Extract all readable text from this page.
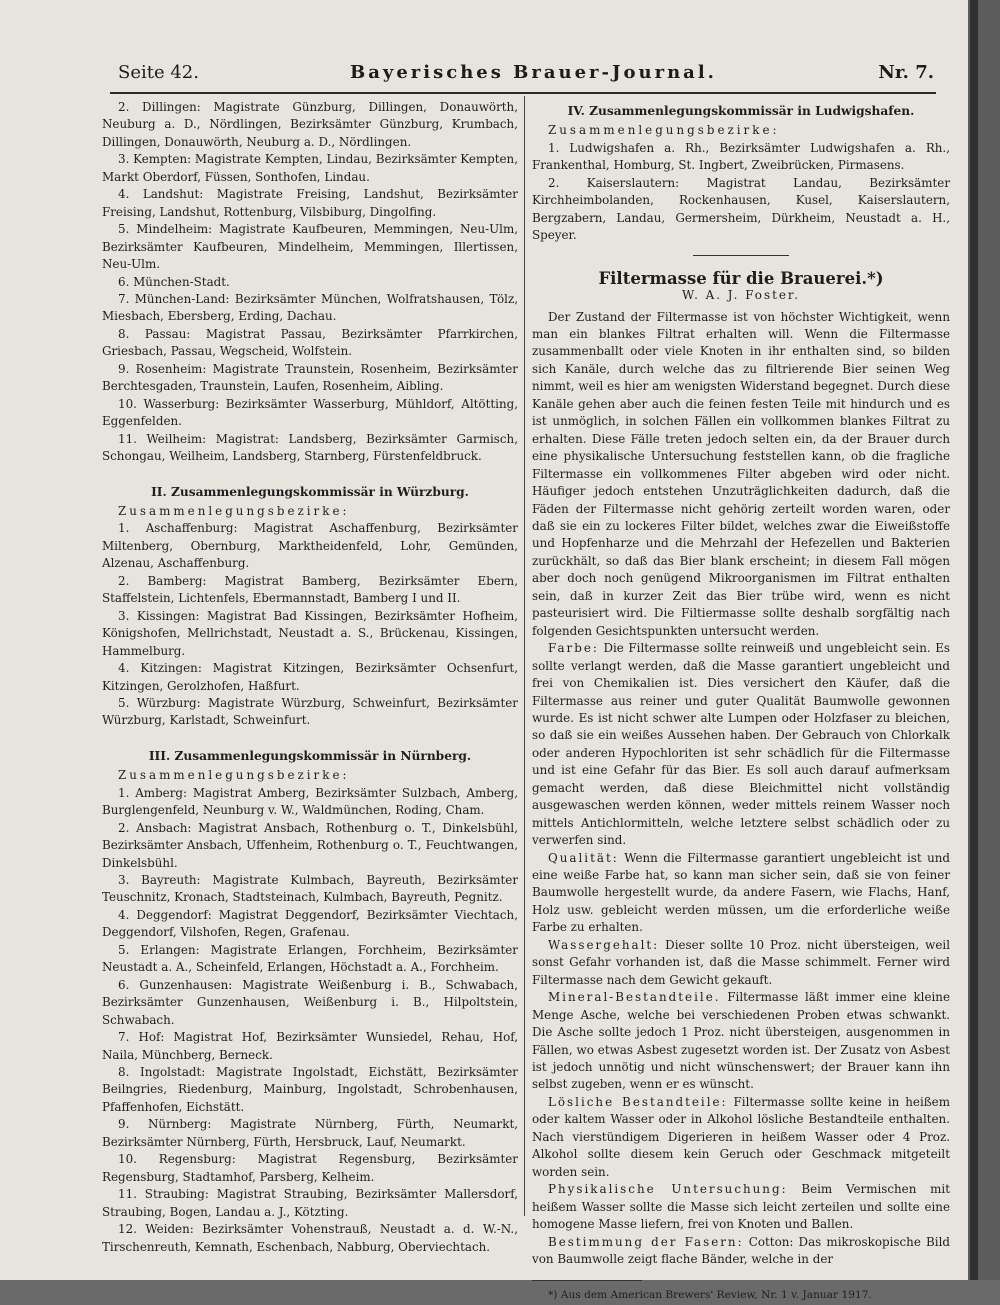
Seite 42.	Bayerisches Brauer-Journal.	Nr. 7.
2. Dillingen: Magistrate Günzburg, Dillingen, Donauwörth, Neuburg a. D., Nördlingen, Bezirksämter Günzburg, Krumbach, Dillingen, Donauwörth, Neuburg a. D., Nördlingen.
3. Kempten: Magistrate Kempten, Lindau, Bezirksämter Kempten, Markt Oberdorf, Füssen, Sonthofen, Lindau.
4. Landshut: Magistrate Freising, Landshut, Bezirksämter Freising, Landshut, Rottenburg, Vilsbiburg, Dingolfing.
5. Mindelheim: Magistrate Kaufbeuren, Memmingen, Neu-Ulm, Bezirksämter Kaufbeuren, Mindelheim, Memmingen, Illertissen, Neu-Ulm.
6. München-Stadt.
7. München-Land: Bezirksämter München, Wolfratshausen, Tölz, Miesbach, Ebersberg, Erding, Dachau.
8. Passau: Magistrat Passau, Bezirksämter Pfarrkirchen, Griesbach, Passau, Wegscheid, Wolfstein.
9. Rosenheim: Magistrate Traunstein, Rosenheim, Bezirksämter Berchtesgaden, Traunstein, Laufen, Rosenheim, Aibling.
10. Wasserburg: Bezirksämter Wasserburg, Mühldorf, Altötting, Eggenfelden.
11. Weilheim: Magistrat: Landsberg, Bezirksämter Garmisch, Schongau, Weilheim, Landsberg, Starnberg, Fürstenfeldbruck.
II. Zusammenlegungskommissär in Würzburg.
Zusammenlegungsbezirke:
1. Aschaffenburg: Magistrat Aschaffenburg, Bezirksämter Miltenberg, Obernburg, Marktheidenfeld, Lohr, Gemünden, Alzenau, Aschaffenburg.
2. Bamberg: Magistrat Bamberg, Bezirksämter Ebern, Staffelstein, Lichtenfels, Ebermannstadt, Bamberg I und II.
3. Kissingen: Magistrat Bad Kissingen, Bezirksämter Hofheim, Königshofen, Mellrichstadt, Neustadt a. S., Brückenau, Kissingen, Hammelburg.
4. Kitzingen: Magistrat Kitzingen, Bezirksämter Ochsenfurt, Kitzingen, Gerolzhofen, Haßfurt.
5. Würzburg: Magistrate Würzburg, Schweinfurt, Bezirksämter Würzburg, Karlstadt, Schweinfurt.
III. Zusammenlegungskommissär in Nürnberg.
Zusammenlegungsbezirke:
1. Amberg: Magistrat Amberg, Bezirksämter Sulzbach, Amberg, Burglengenfeld, Neunburg v. W., Waldmünchen, Roding, Cham.
2. Ansbach: Magistrat Ansbach, Rothenburg o. T., Dinkelsbühl, Bezirksämter Ansbach, Uffenheim, Rothenburg o. T., Feuchtwangen, Dinkelsbühl.
3. Bayreuth: Magistrate Kulmbach, Bayreuth, Bezirksämter Teuschnitz, Kronach, Stadtsteinach, Kulmbach, Bayreuth, Pegnitz.
4. Deggendorf: Magistrat Deggendorf, Bezirksämter Viechtach, Deggendorf, Vilshofen, Regen, Grafenau.
5. Erlangen: Magistrate Erlangen, Forchheim, Bezirksämter Neustadt a. A., Scheinfeld, Erlangen, Höchstadt a. A., Forchheim.
6. Gunzenhausen: Magistrate Weißenburg i. B., Schwabach, Bezirksämter Gunzenhausen, Weißenburg i. B., Hilpoltstein, Schwabach.
7. Hof: Magistrat Hof, Bezirksämter Wunsiedel, Rehau, Hof, Naila, Münchberg, Berneck.
8. Ingolstadt: Magistrate Ingolstadt, Eichstätt, Bezirksämter Beilngries, Riedenburg, Mainburg, Ingolstadt, Schrobenhausen, Pfaffenhofen, Eichstätt.
9. Nürnberg: Magistrate Nürnberg, Fürth, Neumarkt, Bezirksämter Nürnberg, Fürth, Hersbruck, Lauf, Neumarkt.
10. Regensburg: Magistrat Regensburg, Bezirksämter Regensburg, Stadtamhof, Parsberg, Kelheim.
11. Straubing: Magistrat Straubing, Bezirksämter Mallersdorf, Straubing, Bogen, Landau a. J., Kötzting.
12. Weiden: Bezirksämter Vohenstrauß, Neustadt a. d. W.-N., Tirschenreuth, Kemnath, Eschenbach, Nabburg, Oberviechtach.
IV. Zusammenlegungskommissär in Ludwigshafen.
Zusammenlegungsbezirke:
1. Ludwigshafen a. Rh., Bezirksämter Ludwigshafen a. Rh., Frankenthal, Homburg, St. Ingbert, Zweibrücken, Pirmasens.
2. Kaiserslautern: Magistrat Landau, Bezirksämter Kirchheimbolanden, Rockenhausen, Kusel, Kaiserslautern, Bergzabern, Landau, Germersheim, Dürkheim, Neustadt a. H., Speyer.
Filtermasse für die Brauerei.*)
W. A. J. Foster.
Der Zustand der Filtermasse ist von höchster Wichtigkeit, wenn man ein blankes Filtrat erhalten will. Wenn die Filtermasse zusammenballt oder viele Knoten in ihr enthalten sind, so bilden sich Kanäle, durch welche das zu filtrierende Bier seinen Weg nimmt, weil es hier am wenigsten Widerstand begegnet. Durch diese Kanäle gehen aber auch die feinen festen Teile mit hindurch und es ist unmöglich, in solchen Fällen ein vollkommen blankes Filtrat zu erhalten. Diese Fälle treten jedoch selten ein, da der Brauer durch eine physikalische Untersuchung feststellen kann, ob die fragliche Filtermasse ein vollkommenes Filter abgeben wird oder nicht. Häufiger jedoch entstehen Unzuträglichkeiten dadurch, daß die Fäden der Filtermasse nicht gehörig zerteilt worden waren, oder daß sie ein zu lockeres Filter bildet, welches zwar die Eiweißstoffe und Hopfenharze und die Mehrzahl der Hefezellen und Bakterien zurückhält, so daß das Bier blank erscheint; in diesem Fall mögen aber doch noch genügend Mikroorganismen im Filtrat enthalten sein, daß in kurzer Zeit das Bier trübe wird, wenn es nicht pasteurisiert wird. Die Filtiermasse sollte deshalb sorgfältig nach folgenden Gesichtspunkten untersucht werden.
Farbe: Die Filtermasse sollte reinweiß und ungebleicht sein. Es sollte verlangt werden, daß die Masse garantiert ungebleicht und frei von Chemikalien ist. Dies versichert den Käufer, daß die Filtermasse aus reiner und guter Qualität Baumwolle gewonnen wurde. Es ist nicht schwer alte Lumpen oder Holzfaser zu bleichen, so daß sie ein weißes Aussehen haben. Der Gebrauch von Chlorkalk oder anderen Hypochloriten ist sehr schädlich für die Filtermasse und ist eine Gefahr für das Bier. Es soll auch darauf aufmerksam gemacht werden, daß diese Bleichmittel nicht vollständig ausgewaschen werden können, weder mittels reinem Wasser noch mittels Antichlormitteln, welche letztere selbst schädlich oder zu verwerfen sind.
Qualität: Wenn die Filtermasse garantiert ungebleicht ist und eine weiße Farbe hat, so kann man sicher sein, daß sie von feiner Baumwolle hergestellt wurde, da andere Fasern, wie Flachs, Hanf, Holz usw. gebleicht werden müssen, um die erforderliche weiße Farbe zu erhalten.
Wassergehalt: Dieser sollte 10 Proz. nicht übersteigen, weil sonst Gefahr vorhanden ist, daß die Masse schimmelt. Ferner wird Filtermasse nach dem Gewicht gekauft.
Mineral-Bestandteile. Filtermasse läßt immer eine kleine Menge Asche, welche bei verschiedenen Proben etwas schwankt. Die Asche sollte jedoch 1 Proz. nicht übersteigen, ausgenommen in Fällen, wo etwas Asbest zugesetzt worden ist. Der Zusatz von Asbest ist jedoch unnötig und nicht wünschenswert; der Brauer kann ihn selbst zugeben, wenn er es wünscht.
Lösliche Bestandteile: Filtermasse sollte keine in heißem oder kaltem Wasser oder in Alkohol lösliche Bestandteile enthalten. Nach vierstündigem Digerieren in heißem Wasser oder 4 Proz. Alkohol sollte diesem kein Geruch oder Geschmack mitgeteilt worden sein.
Physikalische Untersuchung: Beim Vermischen mit heißem Wasser sollte die Masse sich leicht zerteilen und sollte eine homogene Masse liefern, frei von Knoten und Ballen.
Bestimmung der Fasern: Cotton: Das mikroskopische Bild von Baumwolle zeigt flache Bänder, welche in der
*) Aus dem American Brewers' Review, Nr. 1 v. Januar 1917.
